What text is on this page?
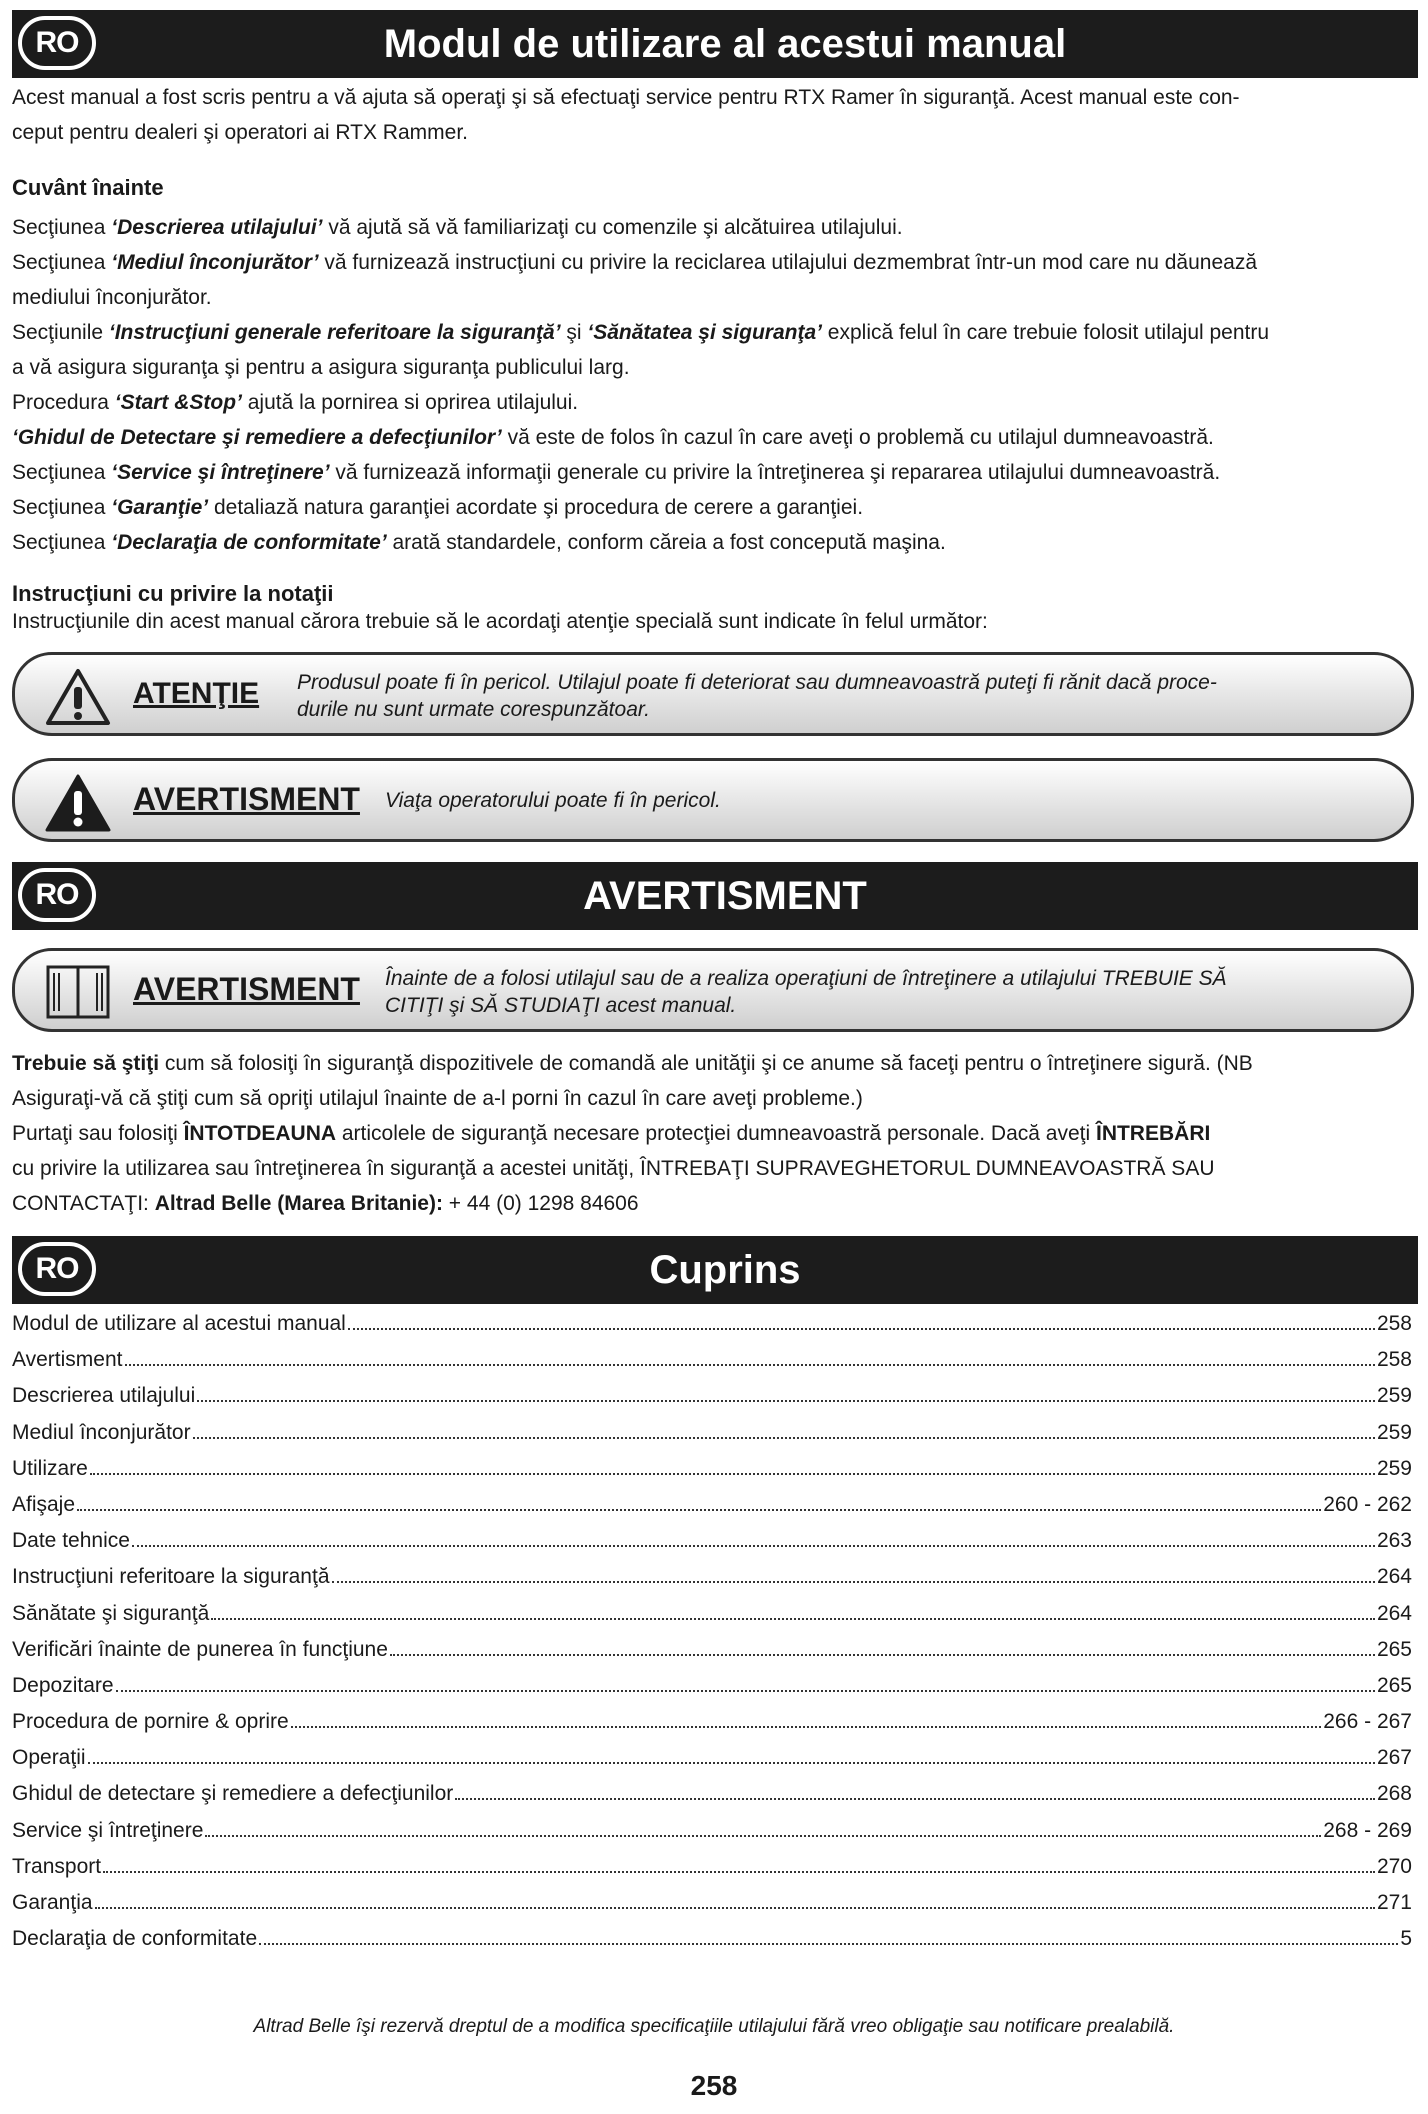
RO	Modul de utilizare al acestui manual

Acest manual a fost scris pentru a vă ajuta să operaţi şi să efectuaţi service pentru RTX Ramer în siguranţă. Acest manual este con-

ceput pentru dealeri şi operatori ai RTX Rammer.

Cuvânt înainte

Secţiunea ‘Descrierea utilajului’ vă ajută să vă familiarizaţi cu comenzile şi alcătuirea utilajului.

Secţiunea ‘Mediul înconjurător’ vă furnizează instrucţiuni cu privire la reciclarea utilajului dezmembrat într-un mod care nu dăunează

mediului înconjurător.

Secţiunile ‘Instrucţiuni generale referitoare la siguranţă’ şi ‘Sănătatea şi siguranţa’ explică felul în care trebuie folosit utilajul pentru

a vă asigura siguranţa şi pentru a asigura siguranţa publicului larg.

Procedura ‘Start &Stop’ ajută la pornirea si oprirea utilajului.

‘Ghidul de Detectare şi remediere a defecţiunilor’ vă este de folos în cazul în care aveţi o problemă cu utilajul dumneavoastră.

Secţiunea ‘Service şi întreţinere’ vă furnizează informaţii generale cu privire la întreţinerea şi repararea utilajului dumneavoastră.

Secţiunea ‘Garanţie’ detaliază natura garanţiei acordate şi procedura de cerere a garanţiei.

Secţiunea ‘Declaraţia de conformitate’ arată standardele, conform căreia a fost concepută maşina.

Instrucţiuni cu privire la notaţii

Instrucţiunile din acest manual cărora trebuie să le acordaţi atenţie specială sunt indicate în felul următor:

ATENŢIE Produsul poate fi în pericol. Utilajul poate fi deteriorat sau dumneavoastră puteţi fi rănit dacă proce-
durile nu sunt urmate corespunzătoar.
AVERTISMENT Viaţa operatorului poate fi în pericol.
RO	AVERTISMENT
AVERTISMENT Înainte de a folosi utilajul sau de a realiza operaţiuni de întreţinere a utilajului TREBUIE SĂ
CITIŢI şi SĂ STUDIAŢI acest manual.

Trebuie să ştiţi cum să folosiţi în siguranţă dispozitivele de comandă ale unităţii şi ce anume să faceţi pentru o întreţinere sigură. (NB

Asiguraţi-vă că ştiţi cum să opriţi utilajul înainte de a-l porni în cazul în care aveţi probleme.)

Purtaţi sau folosiţi ÎNTOTDEAUNA articolele de siguranţă necesare protecţiei dumneavoastră personale. Dacă aveţi ÎNTREBĂRI

cu privire la utilizarea sau întreţinerea în siguranţă a acestei unităţi, ÎNTREBAŢI SUPRAVEGHETORUL DUMNEAVOASTRĂ SAU

CONTACTAŢI: Altrad Belle (Marea Britanie): + 44 (0) 1298 84606

RO	Cuprins
Modul de utilizare al acestui manual	258
Avertisment	258
Descrierea utilajului	259
Mediul înconjurător	259
Utilizare	259
Afişaje	260 - 262
Date tehnice	263
Instrucţiuni referitoare la siguranţă	264
Sănătate şi siguranţă	264
Verificări înainte de punerea în funcţiune	265
Depozitare	265
Procedura de pornire & oprire	266 - 267
Operaţii	267
Ghidul de detectare şi remediere a defecţiunilor	268
Service şi întreţinere	268 - 269
Transport	270
Garanţia	271
Declaraţia de conformitate	5
Altrad Belle îşi rezervă dreptul de a modifica specificaţiile utilajului fără vreo obligaţie sau notificare prealabilă.
258
